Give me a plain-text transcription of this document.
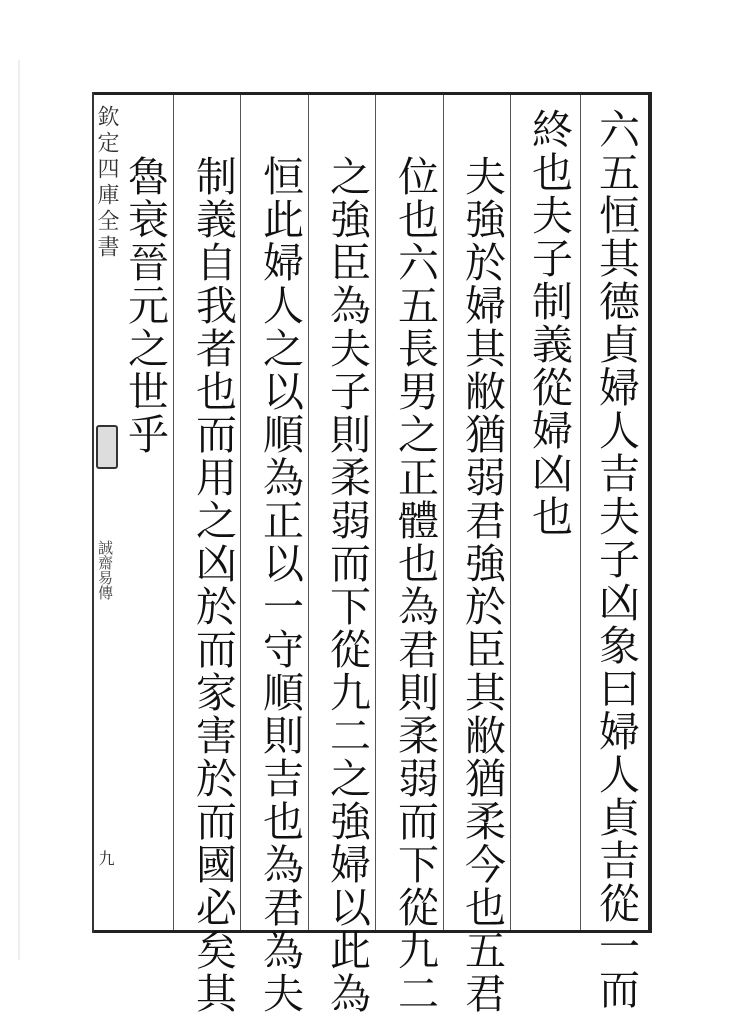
欽定四庫全書
誠齋易傳
九	六五恒其德貞婦人吉夫子凶象曰婦人貞吉從一而
終也夫子制義從婦凶也
夫強於婦其敝猶弱君強於臣其敝猶柔今也五君
位也六五長男之正體也為君則柔弱而下從九二
之強臣為夫子則柔弱而下從九二之強婦以此為
恒此婦人之以順為正以一守順則吉也為君為夫
制義自我者也而用之凶於而家害於而國必矣其
魯衰晉元之世乎
